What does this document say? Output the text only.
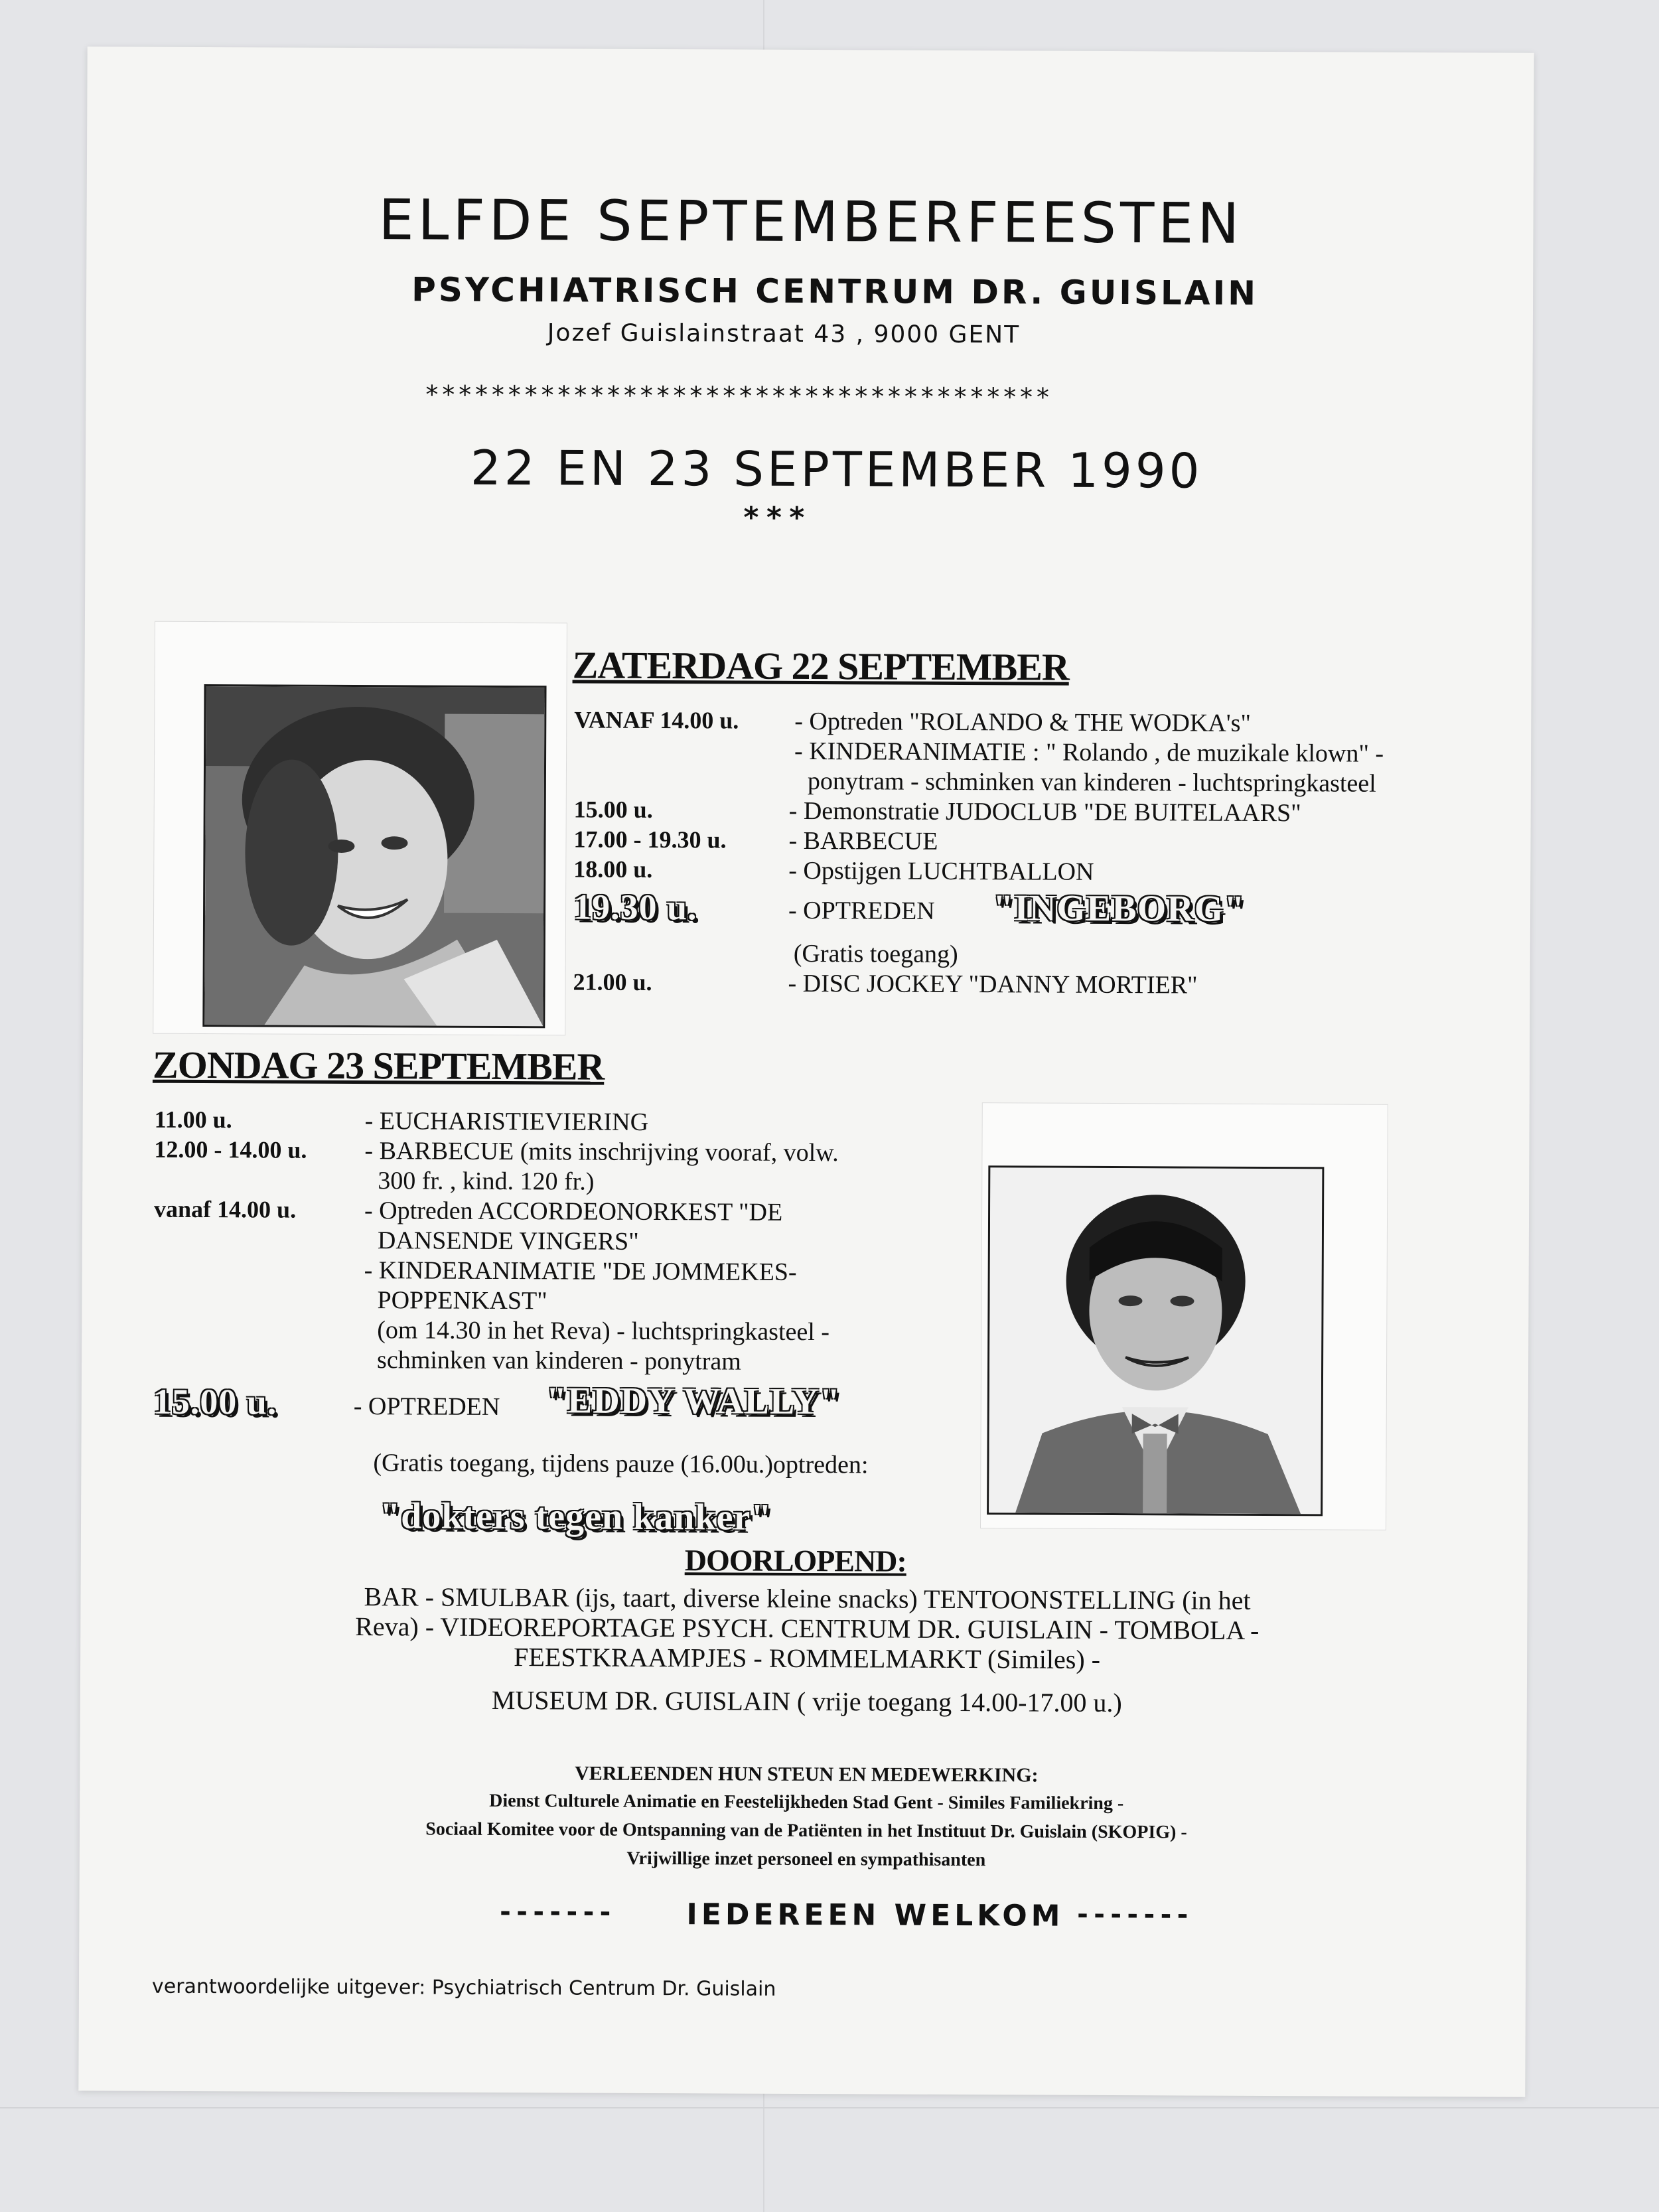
ELFDE SEPTEMBERFEESTEN
PSYCHIATRISCH CENTRUM DR. GUISLAIN
Jozef Guislainstraat 43 , 9000 GENT
**************************************
22 EN 23 SEPTEMBER 1990
***
ZATERDAG 22 SEPTEMBER
VANAF 14.00 u. - Optreden "ROLANDO & THE WODKA's"
- KINDERANIMATIE : " Rolando , de muzikale klown" -
ponytram - schminken van kinderen - luchtspringkasteel
15.00 u.	- Demonstratie JUDOCLUB "DE BUITELAARS"
17.00 - 19.30 u. - BARBECUE
18.00 u.	- Opstijgen LUCHTBALLON
19.30 u.	- OPTREDEN "INGEBORG"
(Gratis toegang)
21.00 u.	- DISC JOCKEY "DANNY MORTIER"
ZONDAG 23 SEPTEMBER
11.00 u.	- EUCHARISTIEVIERING
12.00 - 14.00 u. - BARBECUE (mits inschrijving vooraf, volw.
300 fr. , kind. 120 fr.)
vanaf 14.00 u.	- Optreden ACCORDEONORKEST "DE
DANSENDE VINGERS"
- KINDERANIMATIE "DE JOMMEKES-
POPPENKAST"
(om 14.30 in het Reva) - luchtspringkasteel -
schminken van kinderen - ponytram
15.00 u.	- OPTREDEN "EDDY WALLY"
(Gratis toegang, tijdens pauze (16.00u.)optreden:
"dokters tegen kanker"
DOORLOPEND:
BAR - SMULBAR (ijs, taart, diverse kleine snacks) TENTOONSTELLING (in het
Reva) - VIDEOREPORTAGE PSYCH. CENTRUM DR. GUISLAIN - TOMBOLA -
FEESTKRAAMPJES - ROMMELMARKT (Similes) -
MUSEUM DR. GUISLAIN ( vrije toegang 14.00-17.00 u.)
VERLEENDEN HUN STEUN EN MEDEWERKING:
Dienst Culturele Animatie en Feestelijkheden Stad Gent - Similes Familiekring -
Sociaal Komitee voor de Ontspanning van de Patiënten in het Instituut Dr. Guislain (SKOPIG) -
Vrijwillige inzet personeel en sympathisanten
------- IEDEREEN WELKOM -------
verantwoordelijke uitgever: Psychiatrisch Centrum Dr. Guislain
